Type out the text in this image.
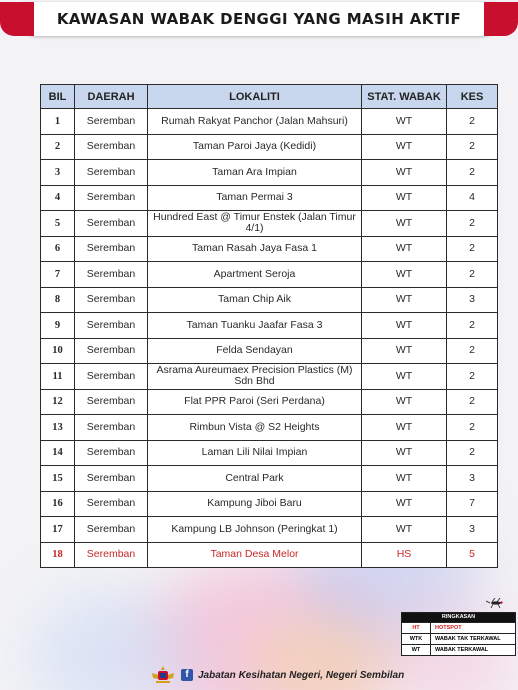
KAWASAN WABAK DENGGI YANG MASIH AKTIF
BIL	DAERAH	LOKALITI	STAT. WABAK	KES
1	Seremban	Rumah Rakyat Panchor (Jalan Mahsuri)	WT	2
2	Seremban	Taman Paroi Jaya (Kedidi)	WT	2
3	Seremban	Taman Ara Impian	WT	2
4	Seremban	Taman Permai 3	WT	4
5	Seremban	Hundred East @ Timur Enstek (Jalan Timur 4/1)	WT	2
6	Seremban	Taman Rasah Jaya Fasa 1	WT	2
7	Seremban	Apartment Seroja	WT	2
8	Seremban	Taman Chip Aik	WT	3
9	Seremban	Taman Tuanku Jaafar Fasa 3	WT	2
10	Seremban	Felda Sendayan	WT	2
11	Seremban	Asrama Aureumaex Precision Plastics (M) Sdn Bhd	WT	2
12	Seremban	Flat PPR Paroi (Seri Perdana)	WT	2
13	Seremban	Rimbun Vista @ S2 Heights	WT	2
14	Seremban	Laman Lili Nilai Impian	WT	2
15	Seremban	Central Park	WT	3
16	Seremban	Kampung Jiboi Baru	WT	7
17	Seremban	Kampung LB Johnson (Peringkat 1)	WT	3
18	Seremban	Taman Desa Melor	HS	5
RINGKASAN
HT	HOTSPOT
WTK	WABAK TAK TERKAWAL
WT	WABAK TERKAWAL
f Jabatan Kesihatan Negeri, Negeri Sembilan
